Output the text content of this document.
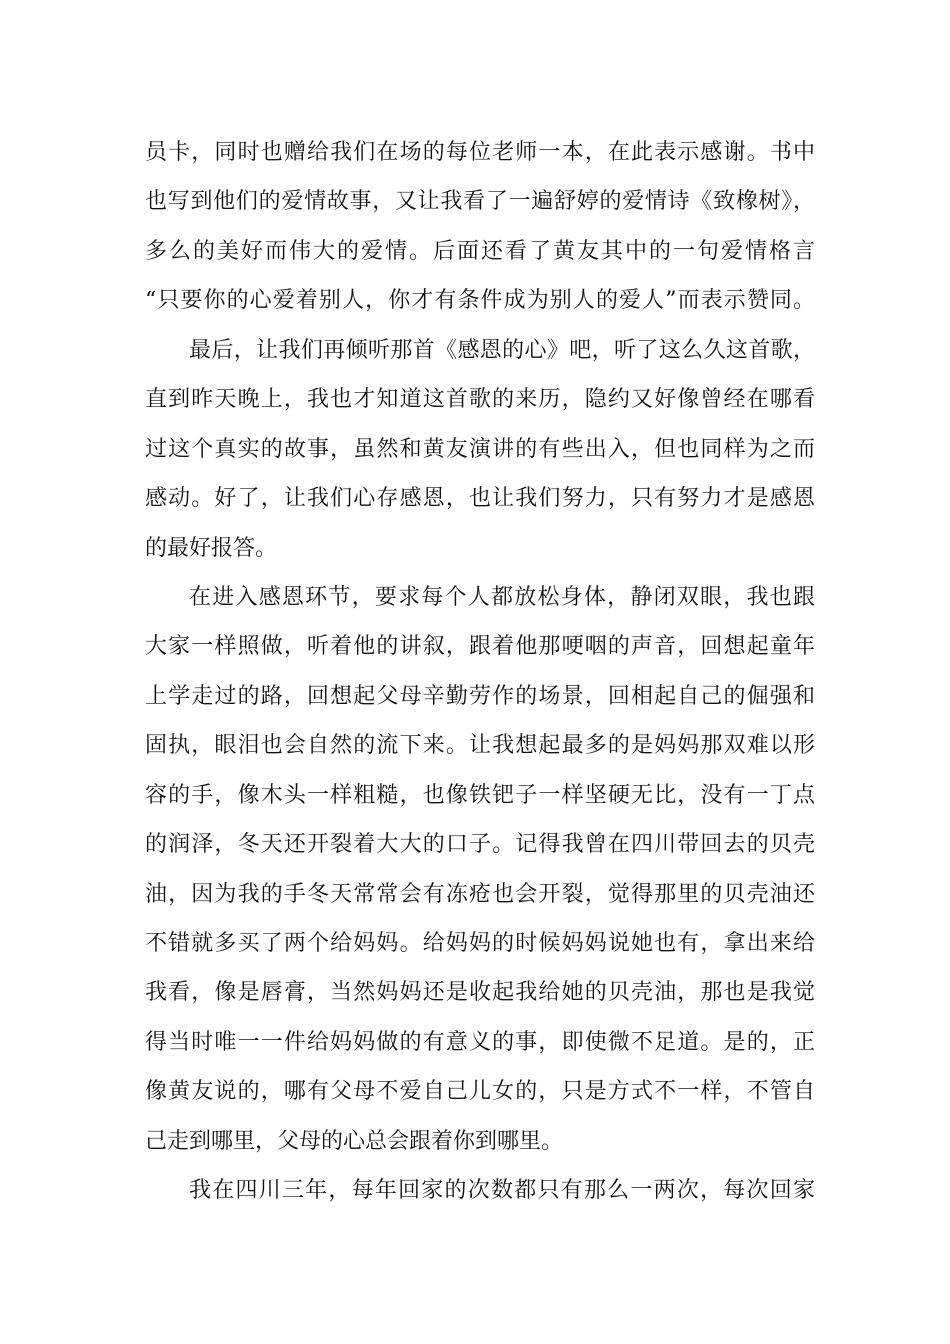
员卡，同时也赠给我们在场的每位老师一本，在此表示感谢。书中
也写到他们的爱情故事，又让我看了一遍舒婷的爱情诗《致橡树》，
多么的美好而伟大的爱情。后面还看了黄友其中的一句爱情格言
“只要你的心爱着别人，你才有条件成为别人的爱人”而表示赞同。
最后，让我们再倾听那首《感恩的心》吧，听了这么久这首歌，
直到昨天晚上，我也才知道这首歌的来历，隐约又好像曾经在哪看
过这个真实的故事，虽然和黄友演讲的有些出入，但也同样为之而
感动。好了，让我们心存感恩，也让我们努力，只有努力才是感恩
的最好报答。
在进入感恩环节，要求每个人都放松身体，静闭双眼，我也跟
大家一样照做，听着他的讲叙，跟着他那哽咽的声音，回想起童年
上学走过的路，回想起父母辛勤劳作的场景，回相起自己的倔强和
固执，眼泪也会自然的流下来。让我想起最多的是妈妈那双难以形
容的手，像木头一样粗糙，也像铁钯子一样坚硬无比，没有一丁点
的润泽，冬天还开裂着大大的口子。记得我曾在四川带回去的贝壳
油，因为我的手冬天常常会有冻疮也会开裂，觉得那里的贝壳油还
不错就多买了两个给妈妈。给妈妈的时候妈妈说她也有，拿出来给
我看，像是唇膏，当然妈妈还是收起我给她的贝壳油，那也是我觉
得当时唯一一件给妈妈做的有意义的事，即使微不足道。是的，正
像黄友说的，哪有父母不爱自己儿女的，只是方式不一样，不管自
己走到哪里，父母的心总会跟着你到哪里。
我在四川三年，每年回家的次数都只有那么一两次，每次回家
